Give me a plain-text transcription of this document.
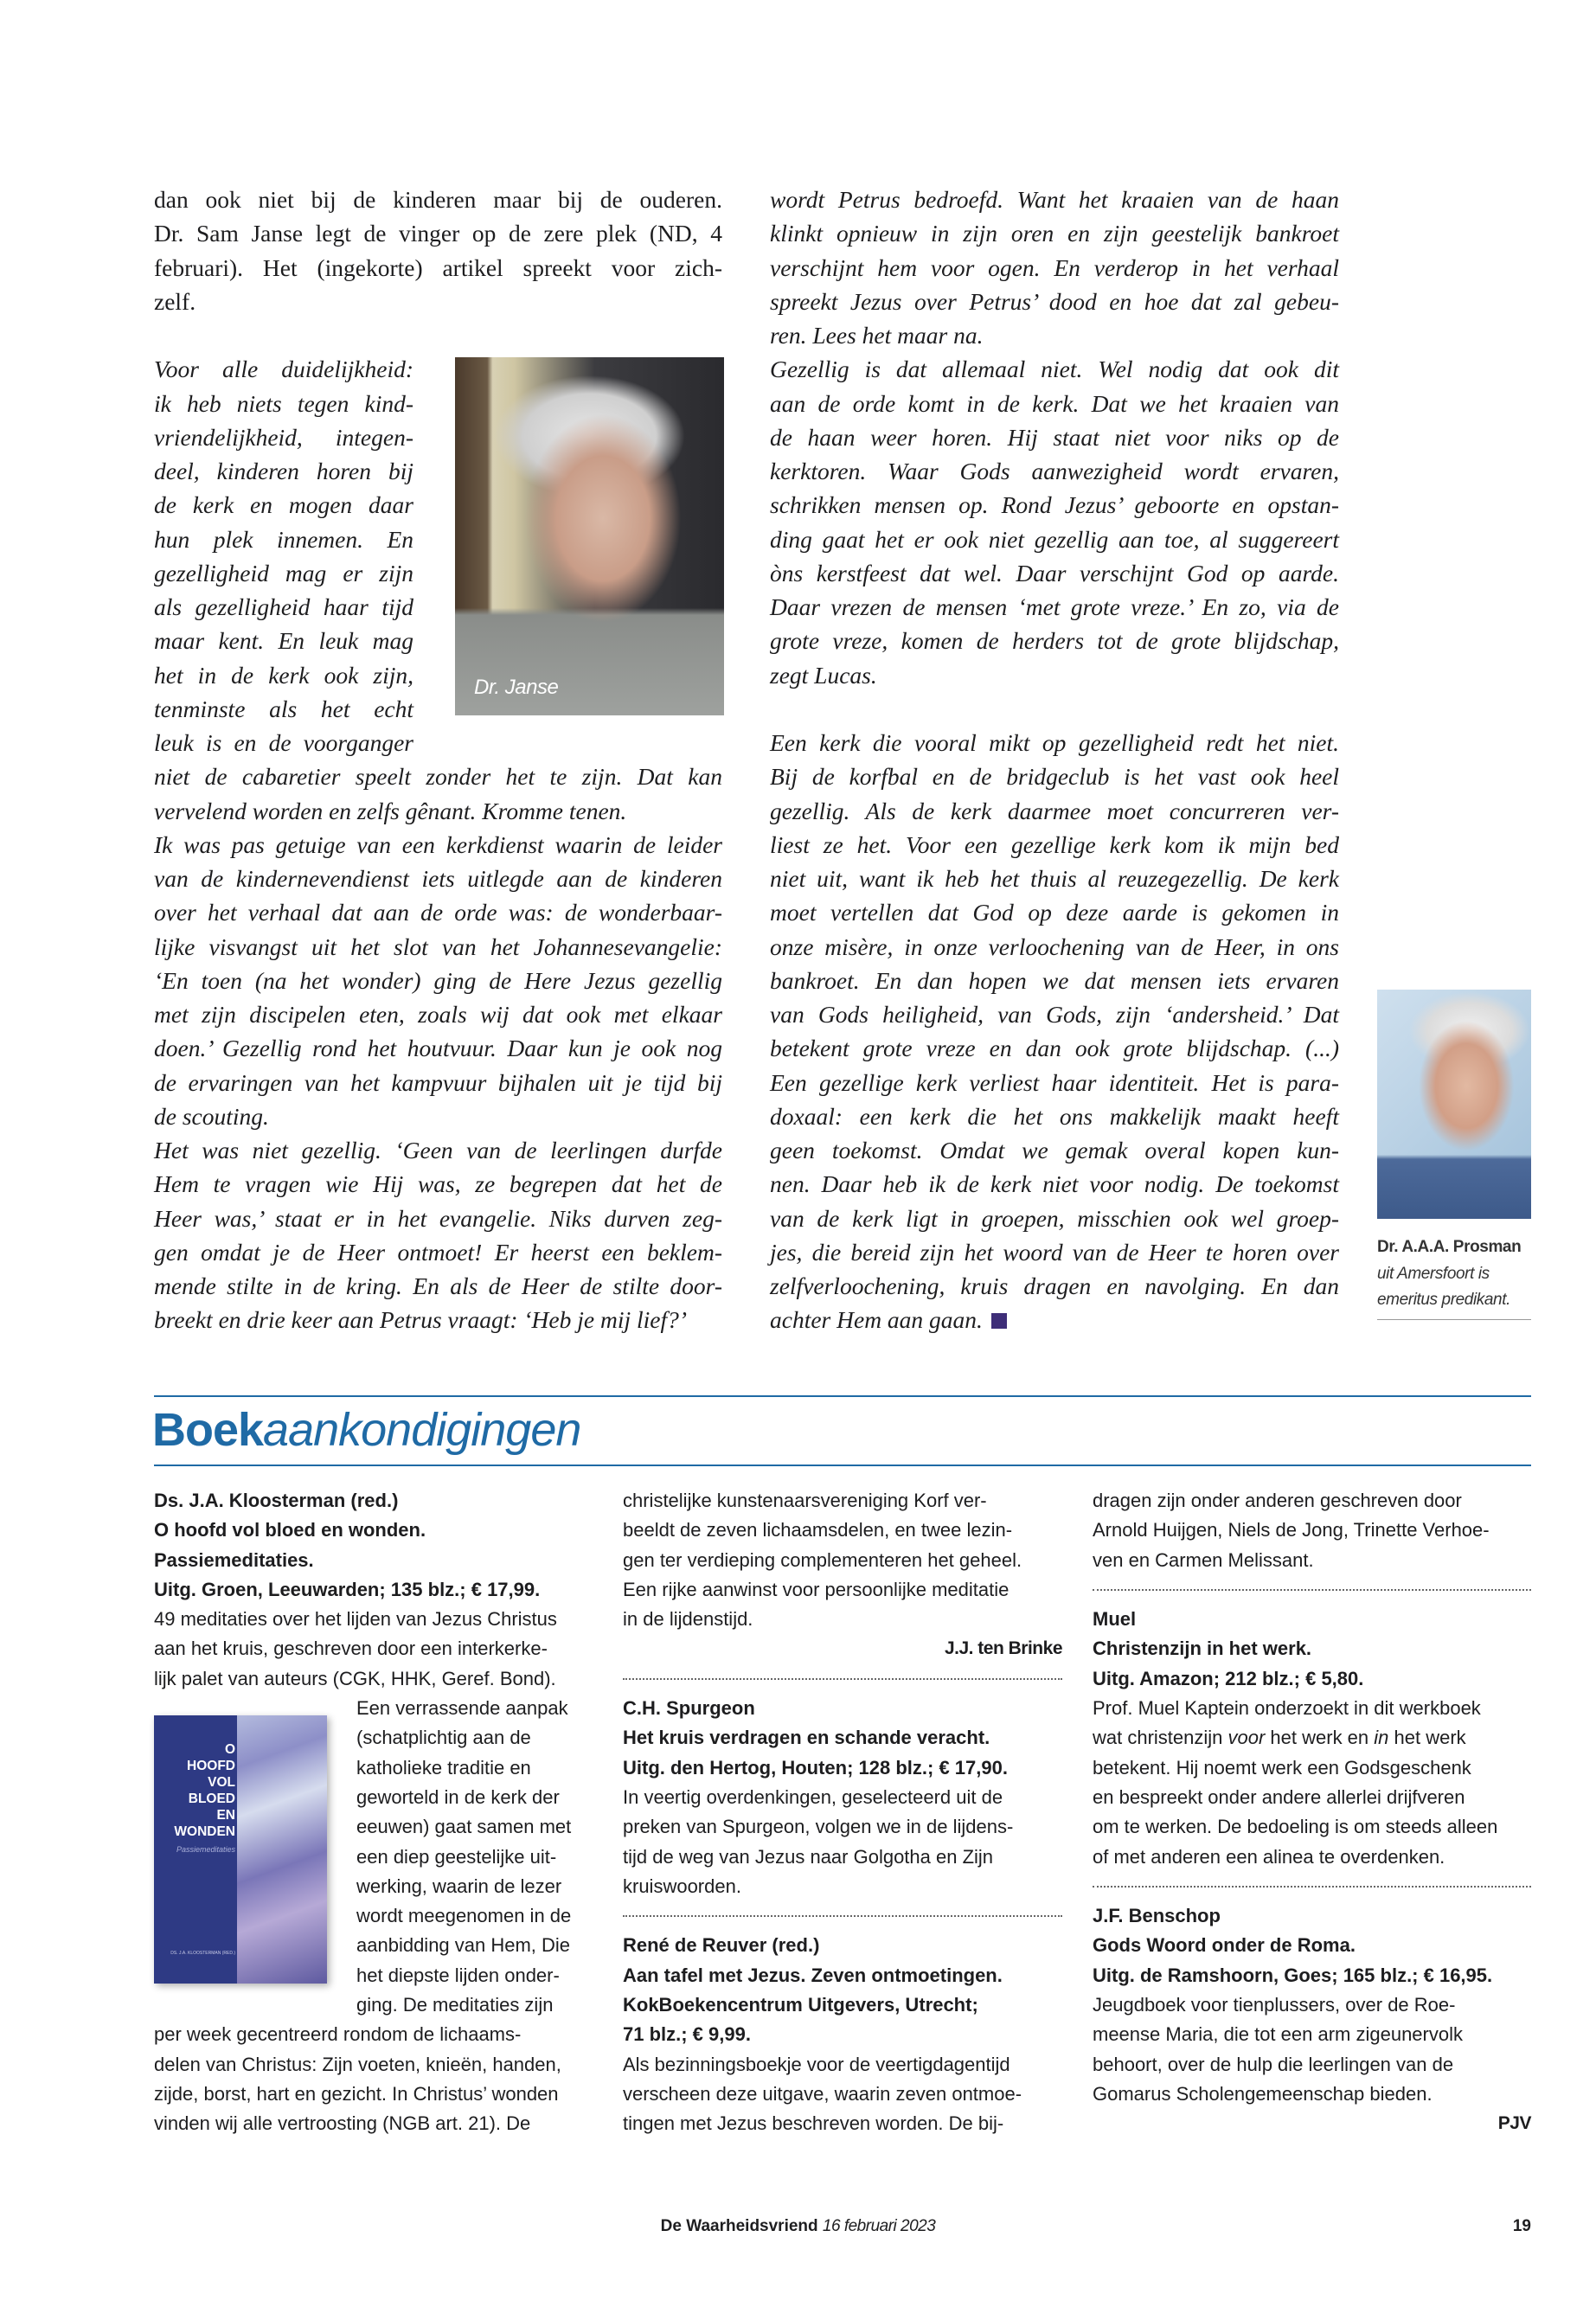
dan ook niet bij de kinderen maar bij de ouderen.
Dr. Sam Janse legt de vinger op de zere plek (ND, 4
februari). Het (ingekorte) artikel spreekt voor zich-
zelf.
Voor alle duidelijkheid:
ik heb niets tegen kind-
vriendelijkheid, integen-
deel, kinderen horen bij
de kerk en mogen daar
hun plek innemen. En
gezelligheid mag er zijn
als gezelligheid haar tijd
maar kent. En leuk mag
het in de kerk ook zijn,
tenminste als het echt
leuk is en de voorganger
niet de cabaretier speelt zonder het te zijn. Dat kan
vervelend worden en zelfs gênant. Kromme tenen.
Ik was pas getuige van een kerkdienst waarin de leider
van de kindernevendienst iets uitlegde aan de kinderen
over het verhaal dat aan de orde was: de wonderbaar-
lijke visvangst uit het slot van het Johannesevangelie:
‘En toen (na het wonder) ging de Here Jezus gezellig
met zijn discipelen eten, zoals wij dat ook met elkaar
doen.’ Gezellig rond het houtvuur. Daar kun je ook nog
de ervaringen van het kampvuur bijhalen uit je tijd bij
de scouting.
Het was niet gezellig. ‘Geen van de leerlingen durfde
Hem te vragen wie Hij was, ze begrepen dat het de
Heer was,’ staat er in het evangelie. Niks durven zeg-
gen omdat je de Heer ontmoet! Er heerst een beklem-
mende stilte in de kring. En als de Heer de stilte door-
breekt en drie keer aan Petrus vraagt: ‘Heb je mij lief?’
wordt Petrus bedroefd. Want het kraaien van de haan
klinkt opnieuw in zijn oren en zijn geestelijk bankroet
verschijnt hem voor ogen. En verderop in het verhaal
spreekt Jezus over Petrus’ dood en hoe dat zal gebeu-
ren. Lees het maar na.
Gezellig is dat allemaal niet. Wel nodig dat ook dit
aan de orde komt in de kerk. Dat we het kraaien van
de haan weer horen. Hij staat niet voor niks op de
kerktoren. Waar Gods aanwezigheid wordt ervaren,
schrikken mensen op. Rond Jezus’ geboorte en opstan-
ding gaat het er ook niet gezellig aan toe, al suggereert
òns kerstfeest dat wel. Daar verschijnt God op aarde.
Daar vrezen de mensen ‘met grote vreze.’ En zo, via de
grote vreze, komen de herders tot de grote blijdschap,
zegt Lucas.
Een kerk die vooral mikt op gezelligheid redt het niet.
Bij de korfbal en de bridgeclub is het vast ook heel
gezellig. Als de kerk daarmee moet concurreren ver-
liest ze het. Voor een gezellige kerk kom ik mijn bed
niet uit, want ik heb het thuis al reuzegezellig. De kerk
moet vertellen dat God op deze aarde is gekomen in
onze misère, in onze verloochening van de Heer, in ons
bankroet. En dan hopen we dat mensen iets ervaren
van Gods heiligheid, van Gods, zijn ‘andersheid.’ Dat
betekent grote vreze en dan ook grote blijdschap. (...)
Een gezellige kerk verliest haar identiteit. Het is para-
doxaal: een kerk die het ons makkelijk maakt heeft
geen toekomst. Omdat we gemak overal kopen kun-
nen. Daar heb ik de kerk niet voor nodig. De toekomst
van de kerk ligt in groepen, misschien ook wel groep-
jes, die bereid zijn het woord van de Heer te horen over
zelfverloochening, kruis dragen en navolging. En dan
achter Hem aan gaan.
Dr. Janse
Dr. A.A.A. Prosman
uit Amersfoort is
emeritus predikant.
Boekaankondigingen
Ds. J.A. Kloosterman (red.)
O hoofd vol bloed en wonden.
Passiemeditaties.
Uitg. Groen, Leeuwarden; 135 blz.; € 17,99.
49 meditaties over het lijden van Jezus Christus
aan het kruis, geschreven door een interkerke-
lijk palet van auteurs (CGK, HHK, Geref. Bond).
Een verrassende aanpak
(schatplichtig aan de
katholieke traditie en
geworteld in de kerk der
eeuwen) gaat samen met
een diep geestelijke uit-
werking, waarin de lezer
wordt meegenomen in de
aanbidding van Hem, Die
het diepste lijden onder-
ging. De meditaties zijn
per week gecentreerd rondom de lichaams-
delen van Christus: Zijn voeten, knieën, handen,
zijde, borst, hart en gezicht. In Christus’ wonden
vinden wij alle vertroosting (NGB art. 21). De
christelijke kunstenaarsvereniging Korf ver-
beeldt de zeven lichaamsdelen, en twee lezin-
gen ter verdieping complementeren het geheel.
Een rijke aanwinst voor persoonlijke meditatie
in de lijdenstijd.
J.J. ten Brinke
C.H. Spurgeon
Het kruis verdragen en schande veracht.
Uitg. den Hertog, Houten; 128 blz.; € 17,90.
In veertig overdenkingen, geselecteerd uit de
preken van Spurgeon, volgen we in de lijdens-
tijd de weg van Jezus naar Golgotha en Zijn
kruiswoorden.
René de Reuver (red.)
Aan tafel met Jezus. Zeven ontmoetingen.
KokBoekencentrum Uitgevers, Utrecht;
71 blz.; € 9,99.
Als bezinningsboekje voor de veertigdagentijd
verscheen deze uitgave, waarin zeven ontmoe-
tingen met Jezus beschreven worden. De bij-
dragen zijn onder anderen geschreven door
Arnold Huijgen, Niels de Jong, Trinette Verhoe-
ven en Carmen Melissant.
Muel
Christenzijn in het werk.
Uitg. Amazon; 212 blz.; € 5,80.
Prof. Muel Kaptein onderzoekt in dit werkboek
wat christenzijn voor het werk en in het werk
betekent. Hij noemt werk een Godsgeschenk
en bespreekt onder andere allerlei drijfveren
om te werken. De bedoeling is om steeds alleen
of met anderen een alinea te overdenken.
J.F. Benschop
Gods Woord onder de Roma.
Uitg. de Ramshoorn, Goes; 165 blz.; € 16,95.
Jeugdboek voor tienplussers, over de Roe-
meense Maria, die tot een arm zigeunervolk
behoort, over de hulp die leerlingen van de
Gomarus Scholengemeenschap bieden.
PJV
O
HOOFD
VOL
BLOED
EN
WONDEN
Passiemeditaties
DS. J.A. KLOOSTERMAN (RED.)
De Waarheidsvriend 16 februari 2023	19
